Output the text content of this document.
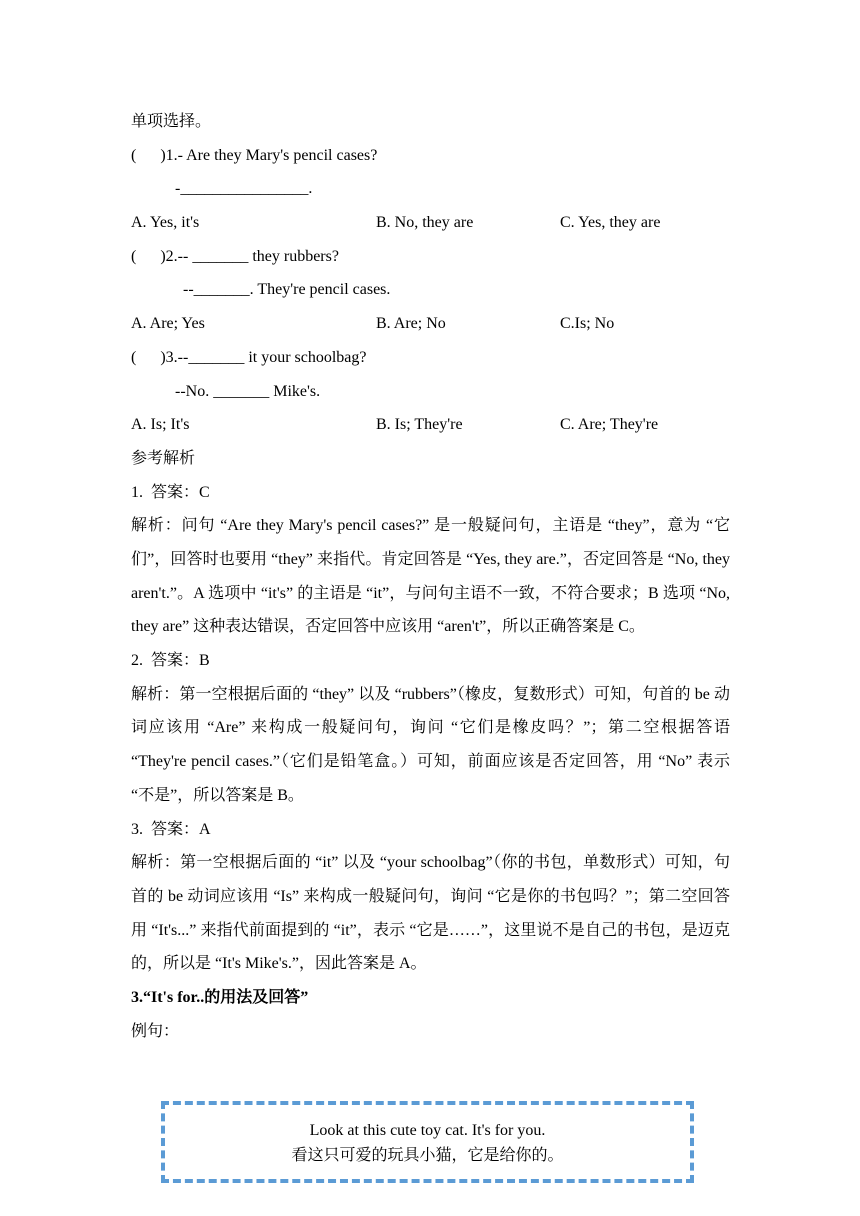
单项选择。
(      )1.- Are they Mary's pencil cases?
-________________.

A. Yes, it's

	B. No, they are

	C. Yes, they are

(      )2.-- _______ they rubbers?
--_______. They're pencil cases.

A. Are; Yes

	B. Are; No

	C.Is; No

(      )3.--_______ it your schoolbag?
--No. _______ Mike's.

A. Is; It's

	B. Is; They're

	C. Are; They're

参考解析
1.  答案：C
解析：问句 “Are they Mary's pencil cases?” 是一般疑问句，主语是 “they”，意为 “它们”，回答时也要用 “they” 来指代。肯定回答是 “Yes, they are.”，否定回答是 “No, they aren't.”。A 选项中 “it's” 的主语是 “it”，与问句主语不一致，不符合要求；B 选项 “No, they are” 这种表达错误，否定回答中应该用 “aren't”，所以正确答案是 C。
2.  答案：B
解析：第一空根据后面的 “they” 以及 “rubbers”（橡皮，复数形式）可知，句首的 be 动词应该用 “Are” 来构成一般疑问句，询问 “它们是橡皮吗？”；第二空根据答语 “They're pencil cases.”（它们是铅笔盒。）可知，前面应该是否定回答，用 “No” 表示 “不是”，所以答案是 B。
3.  答案：A
解析：第一空根据后面的 “it” 以及 “your schoolbag”（你的书包，单数形式）可知，句首的 be 动词应该用 “Is” 来构成一般疑问句，询问 “它是你的书包吗？”；第二空回答用 “It's...” 来指代前面提到的 “it”，表示 “它是……”，这里说不是自己的书包，是迈克的，所以是 “It's Mike's.”，因此答案是 A。
3.“It's for..的用法及回答”
例句：
Look at this cute toy cat. It's for you.
看这只可爱的玩具小猫，它是给你的。
